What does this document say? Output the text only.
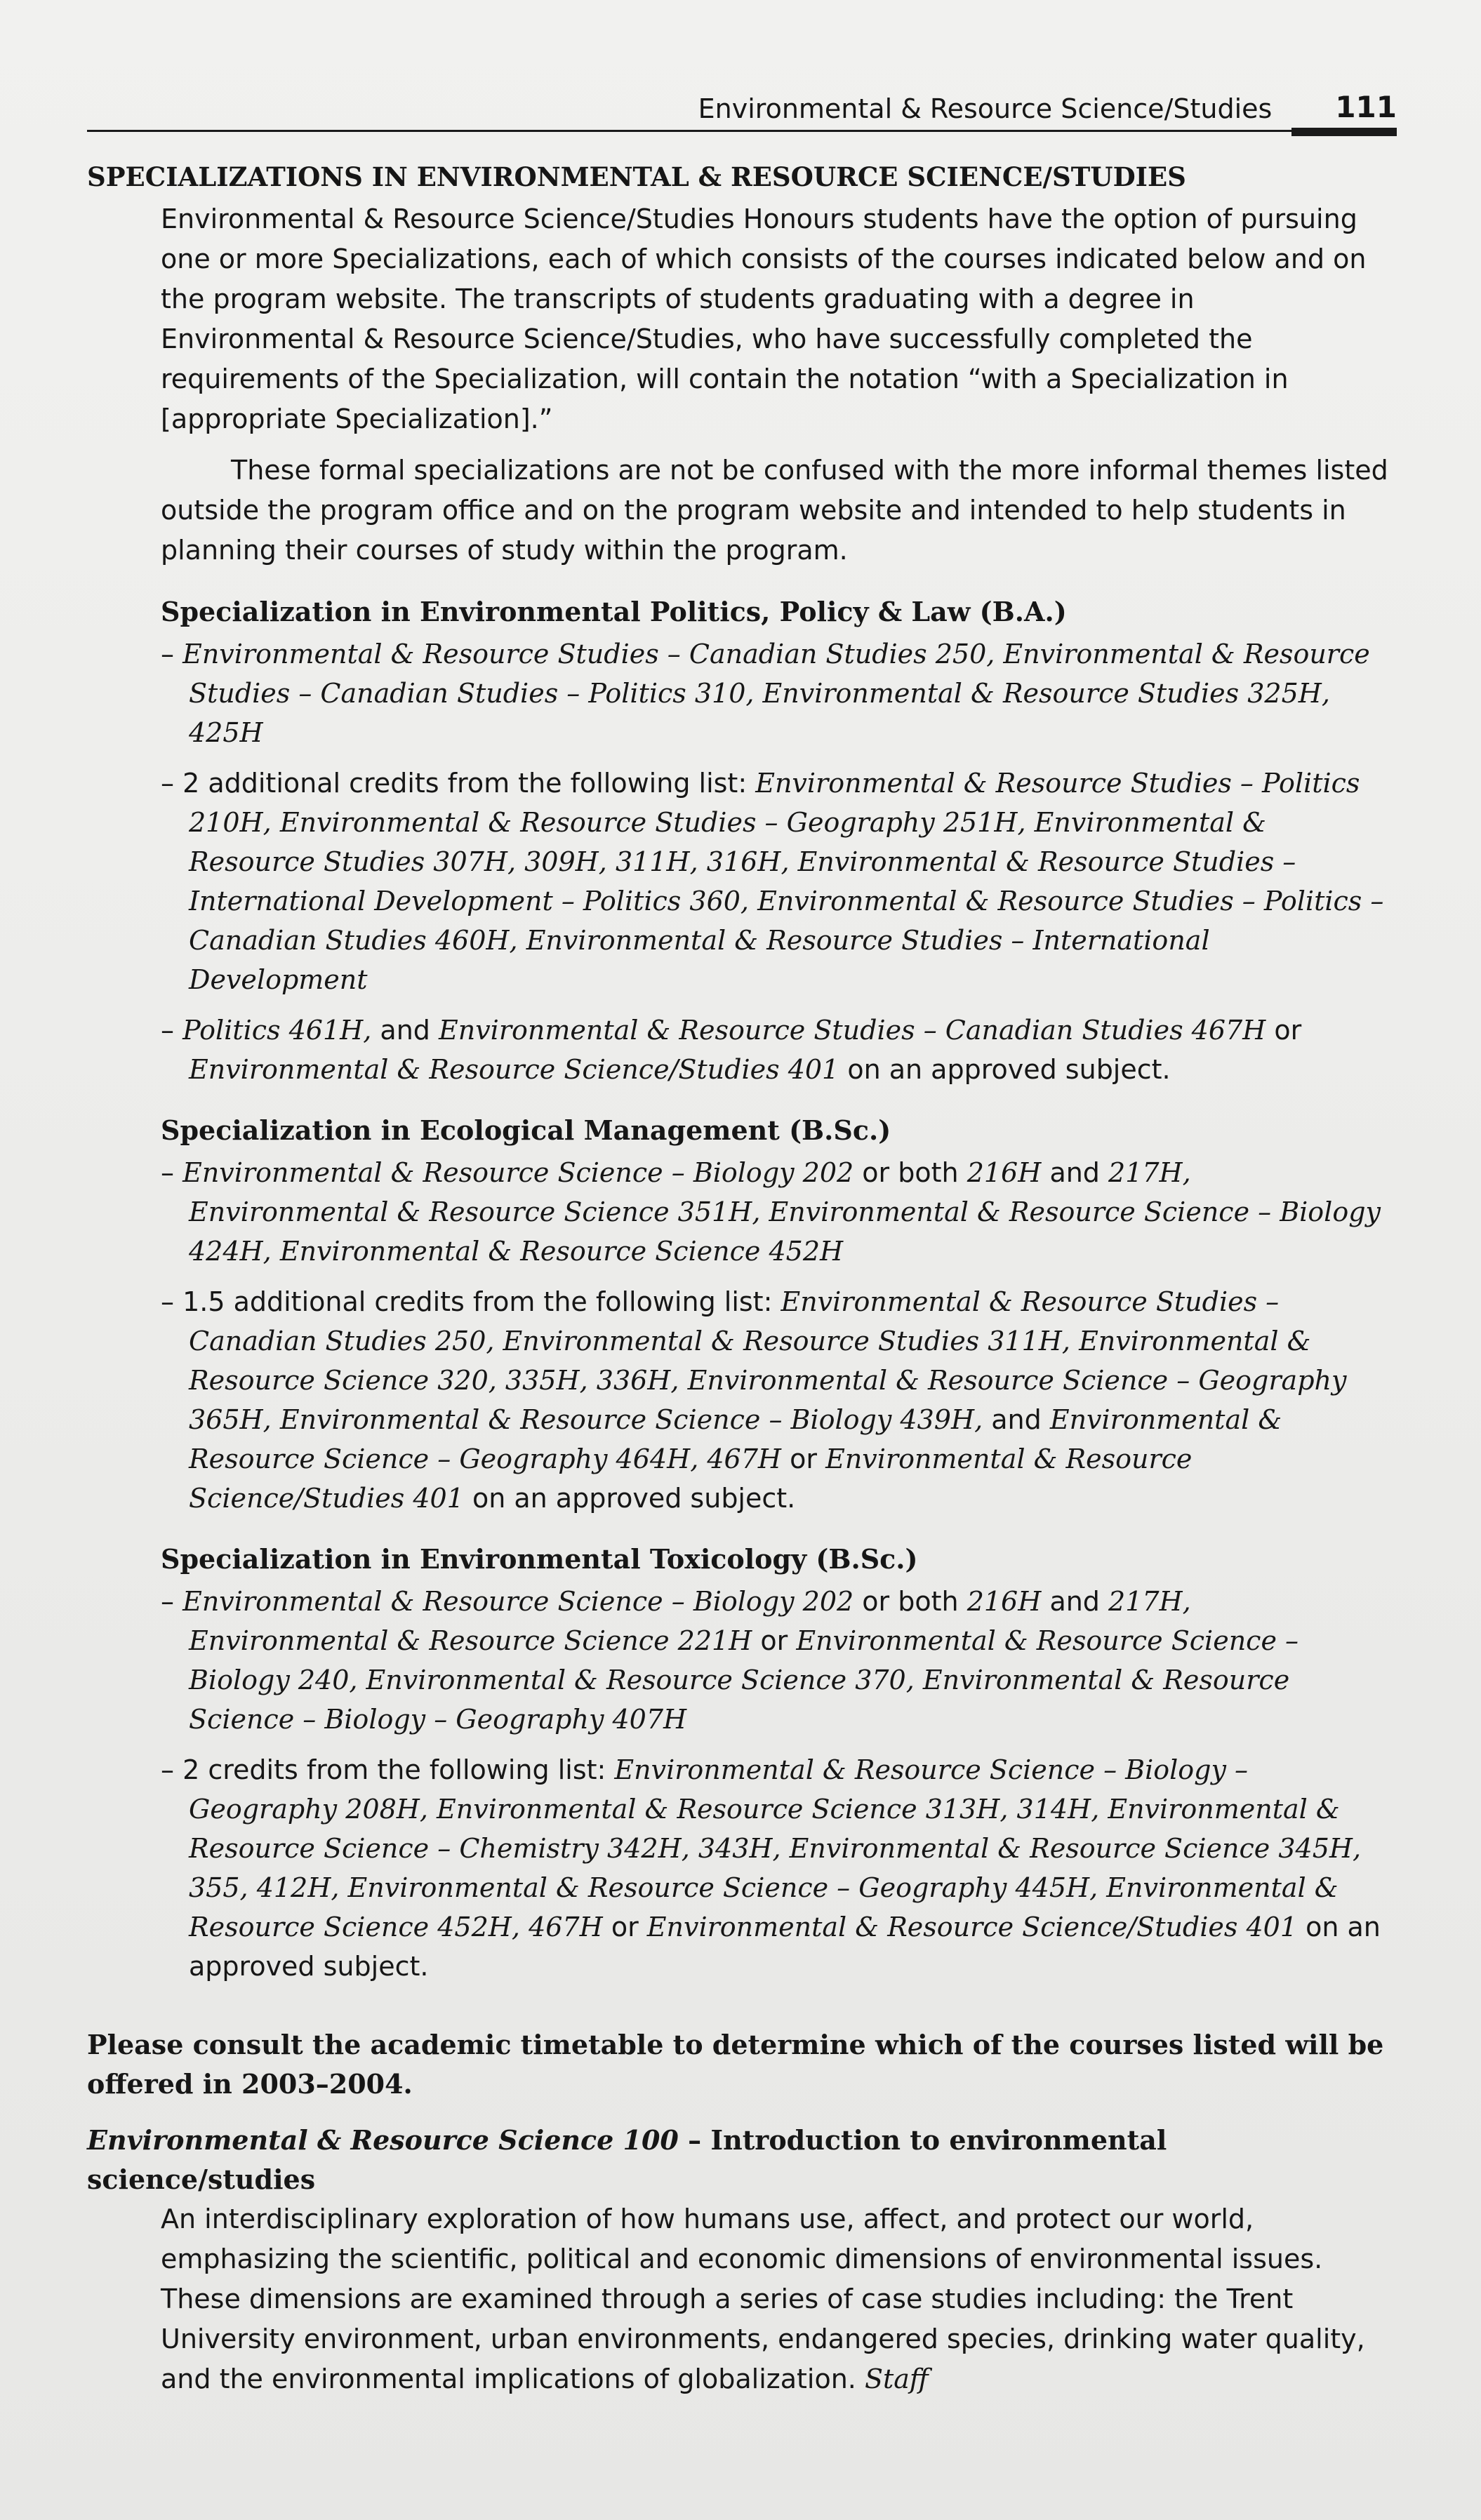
Environmental & Resource Science/Studies 111
SPECIALIZATIONS IN ENVIRONMENTAL & RESOURCE SCIENCE/STUDIES

Environmental & Resource Science/Studies Honours students have the option of pursuing one or more Specializations, each of which consists of the courses indicated below and on the program website. The transcripts of students graduating with a degree in Environmental & Resource Science/Studies, who have successfully completed the requirements of the Specialization, will contain the notation “with a Specialization in [appropriate Specialization].”

These formal specializations are not be confused with the more informal themes listed outside the program office and on the program website and intended to help students in planning their courses of study within the program.

Specialization in Environmental Politics, Policy & Law (B.A.)

– Environmental & Resource Studies – Canadian Studies 250, Environmental & Resource Studies – Canadian Studies – Politics 310, Environmental & Resource Studies 325H, 425H

– 2 additional credits from the following list: Environmental & Resource Studies – Politics 210H, Environmental & Resource Studies – Geography 251H, Environmental & Resource Studies 307H, 309H, 311H, 316H, Environmental & Resource Studies – International Development – Politics 360, Environmental & Resource Studies – Politics – Canadian Studies 460H, Environmental & Resource Studies – International Development

– Politics 461H, and Environmental & Resource Studies – Canadian Studies 467H or Environmental & Resource Science/Studies 401 on an approved subject.

Specialization in Ecological Management (B.Sc.)

– Environmental & Resource Science – Biology 202 or both 216H and 217H, Environmental & Resource Science 351H, Environmental & Resource Science – Biology 424H, Environmental & Resource Science 452H

– 1.5 additional credits from the following list: Environmental & Resource Studies – Canadian Studies 250, Environmental & Resource Studies 311H, Environmental & Resource Science 320, 335H, 336H, Environmental & Resource Science – Geography 365H, Environmental & Resource Science – Biology 439H, and Environmental & Resource Science – Geography 464H, 467H or Environmental & Resource Science/Studies 401 on an approved subject.

Specialization in Environmental Toxicology (B.Sc.)

– Environmental & Resource Science – Biology 202 or both 216H and 217H, Environmental & Resource Science 221H or Environmental & Resource Science – Biology 240, Environmental & Resource Science 370, Environmental & Resource Science – Biology – Geography 407H

– 2 credits from the following list: Environmental & Resource Science – Biology – Geography 208H, Environmental & Resource Science 313H, 314H, Environmental & Resource Science – Chemistry 342H, 343H, Environmental & Resource Science 345H, 355, 412H, Environmental & Resource Science – Geography 445H, Environmental & Resource Science 452H, 467H or Environmental & Resource Science/Studies 401 on an approved subject.

Please consult the academic timetable to determine which of the courses listed will be offered in 2003–2004.

Environmental & Resource Science 100 – Introduction to environmental science/studies

An interdisciplinary exploration of how humans use, affect, and protect our world, emphasizing the scientific, political and economic dimensions of environmental issues. These dimensions are examined through a series of case studies including: the Trent University environment, urban environments, endangered species, drinking water quality, and the environmental implications of globalization. Staff
